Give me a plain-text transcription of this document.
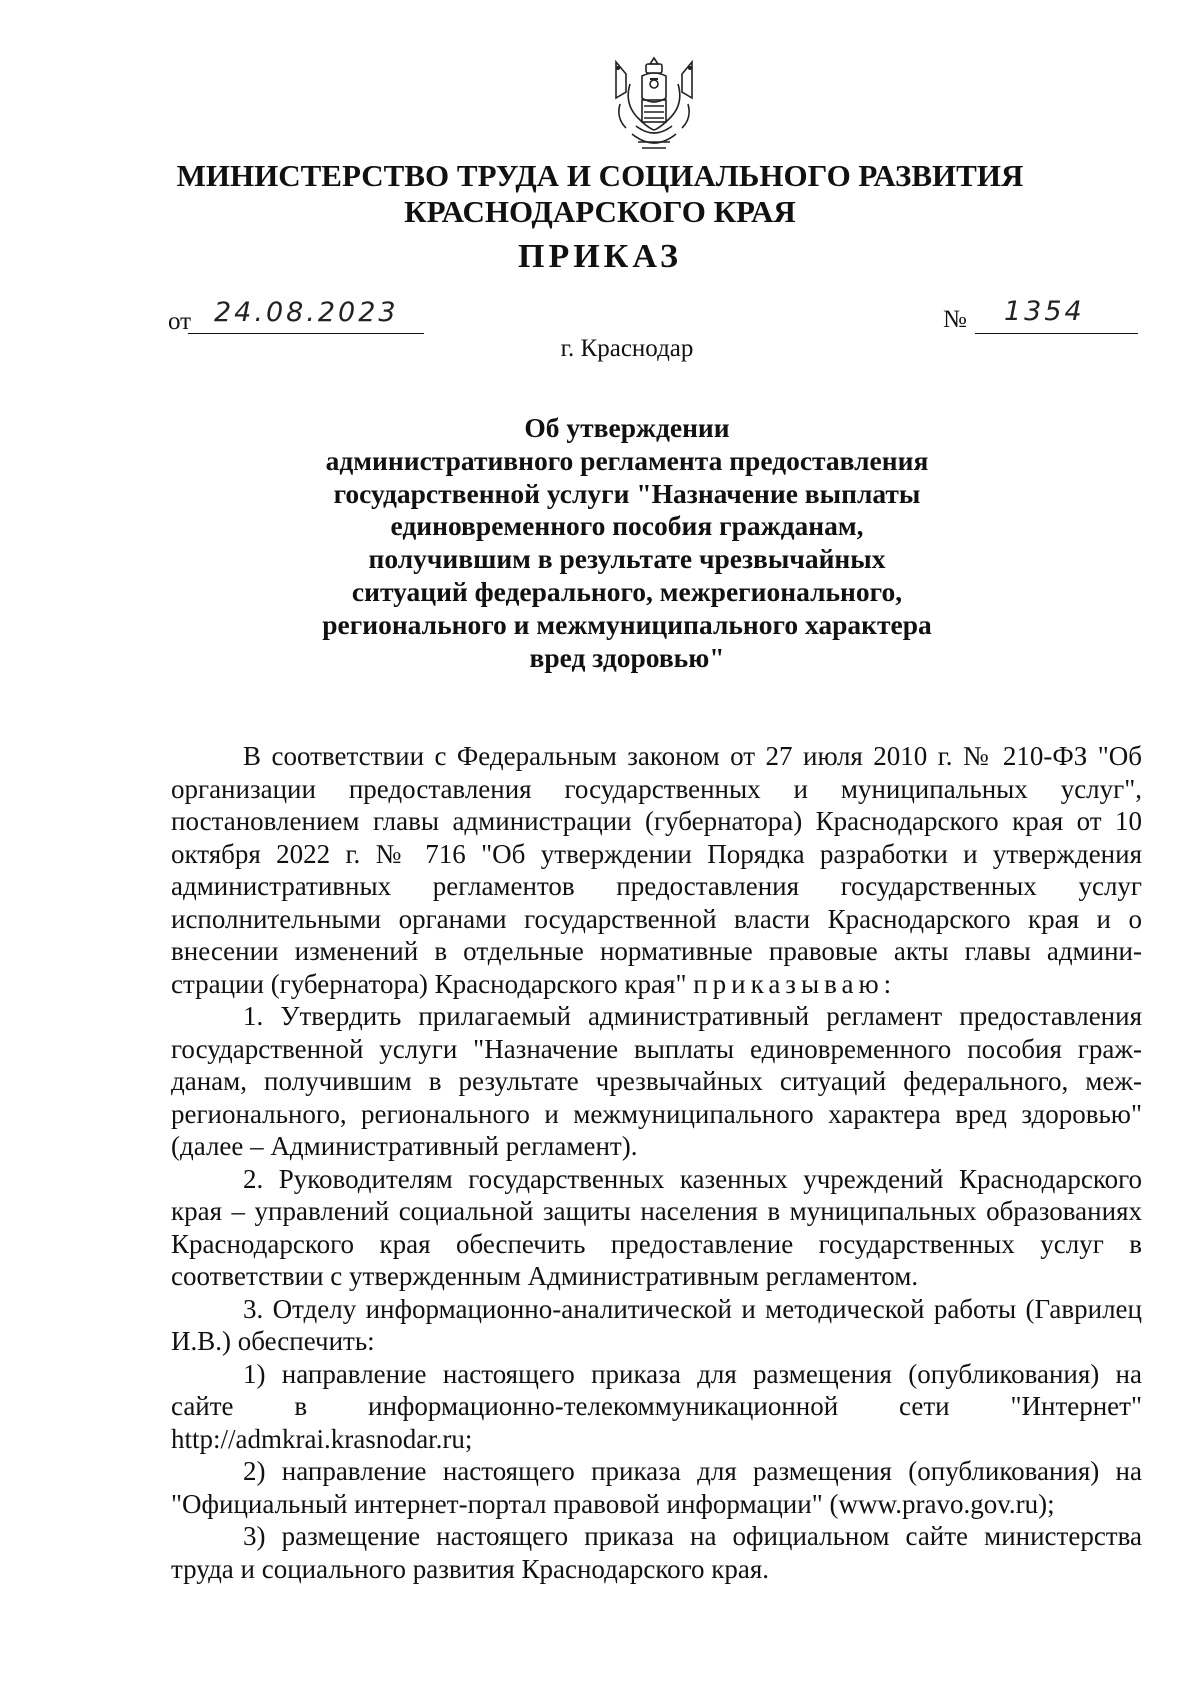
МИНИСТЕРСТВО ТРУДА И СОЦИАЛЬНОГО РАЗВИТИЯ
КРАСНОДАРСКОГО КРАЯ
ПРИКАЗ
от 24.08.2023	№ 1354
г. Краснодар
Об утверждении
административного регламента предоставления
государственной услуги "Назначение выплаты
единовременного пособия гражданам,
получившим в результате чрезвычайных
ситуаций федерального, межрегионального,
регионального и межмуниципального характера
вред здоровью"

В соответствии с Федеральным законом от 27 июля 2010 г. № 210-ФЗ "Об организации предоставления государственных и муниципальных услуг", постановлением главы администрации (губернатора) Краснодарского края от 10 октября 2022 г. № 716 "Об утверждении Порядка разработки и утверждения административных регламентов предоставления государственных услуг исполнительными органами государственной власти Краснодарского края и о внесении изменений в отдельные нормативные правовые акты главы администрации (губернатора) Краснодарского края" приказываю:

1. Утвердить прилагаемый административный регламент предоставления государственной услуги "Назначение выплаты единовременного пособия гражданам, получившим в результате чрезвычайных ситуаций федерального, межрегионального, регионального и межмуниципального характера вред здоровью" (далее – Административный регламент).

2. Руководителям государственных казенных учреждений Краснодарского края – управлений социальной защиты населения в муниципальных образованиях Краснодарского края обеспечить предоставление государственных услуг в соответствии с утвержденным Административным регламентом.

3. Отделу информационно-аналитической и методической работы (Гаврилец И.В.) обеспечить:

1) направление настоящего приказа для размещения (опубликования) на сайте в информационно-телекоммуникационной сети "Интернет" http://admkrai.krasnodar.ru;

2) направление настоящего приказа для размещения (опубликования) на "Официальный интернет-портал правовой информации" (www.pravo.gov.ru);

3) размещение настоящего приказа на официальном сайте министерства труда и социального развития Краснодарского края.
